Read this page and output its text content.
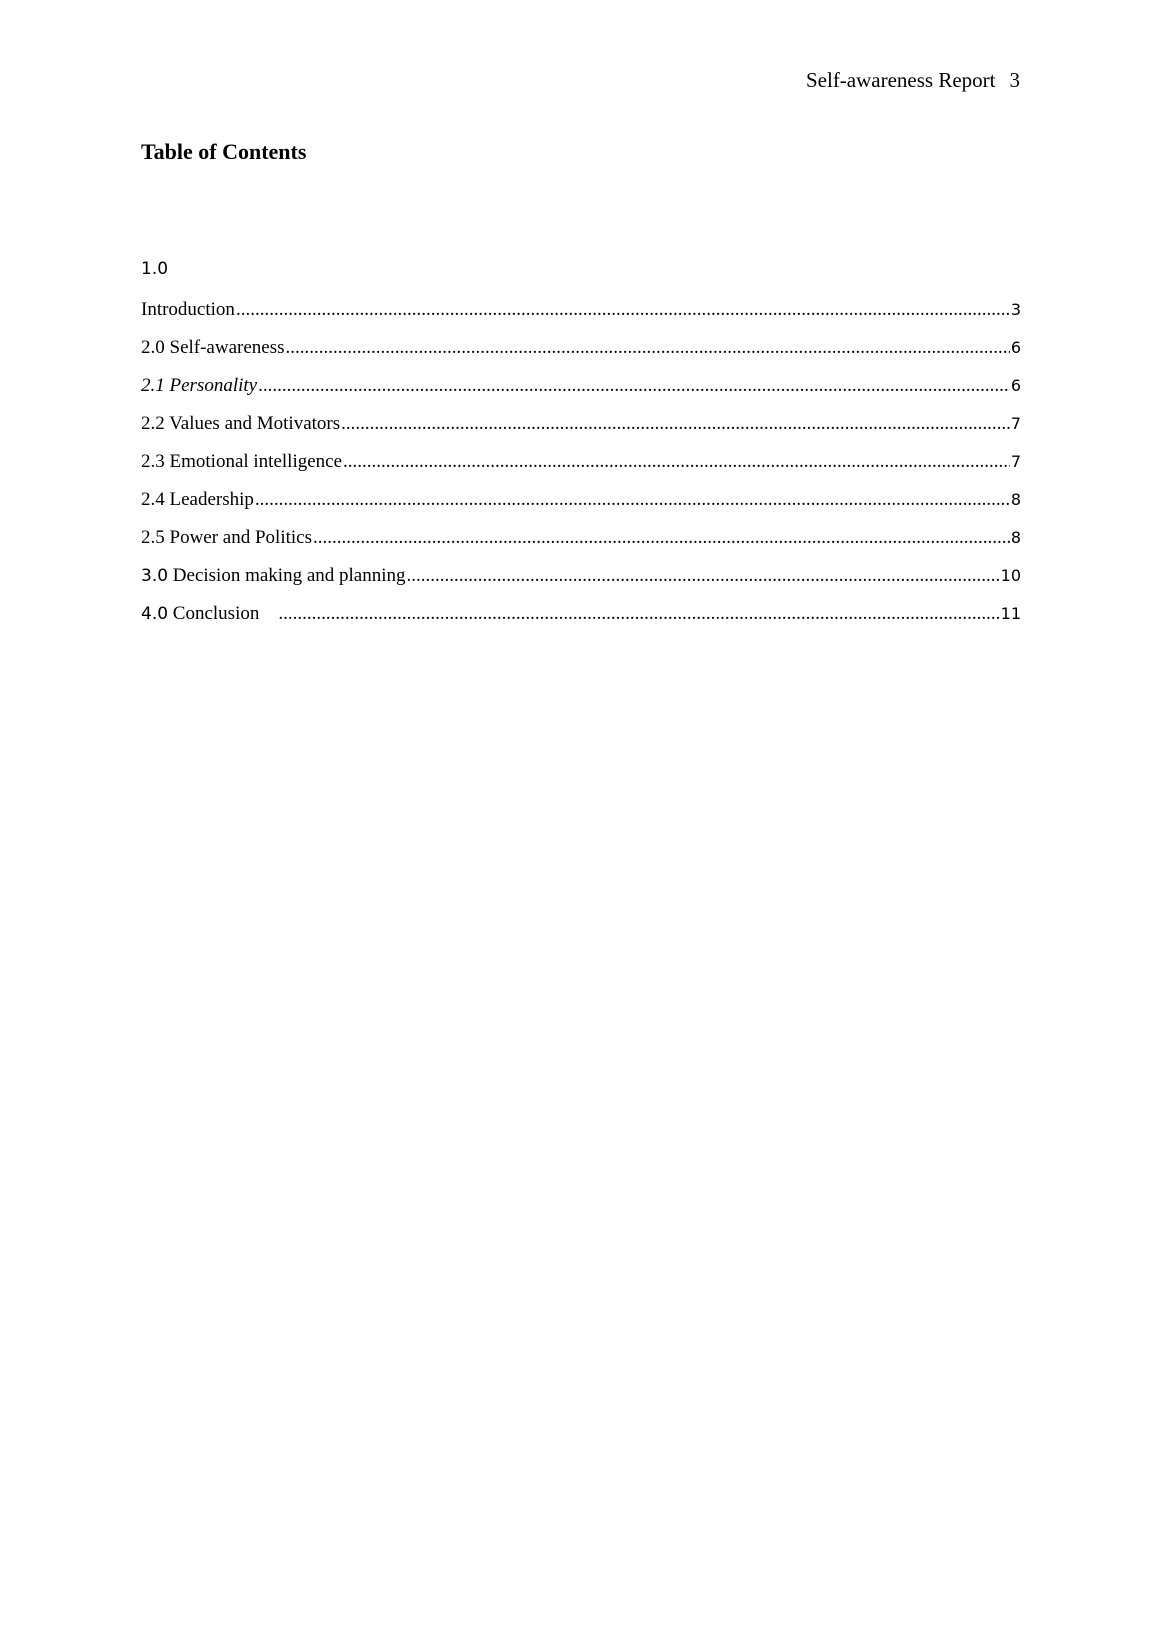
Self-awareness Report 3
Table of Contents
1.0
Introduction .....	3
2.0 Self-awareness .....	6
2.1 Personality .....	6
2.2 Values and Motivators .....	7
2.3 Emotional intelligence .....	7
2.4 Leadership .....	8
2.5 Power and Politics .....	8
3.0 Decision making and planning .....	10
4.0 Conclusion .....	11
